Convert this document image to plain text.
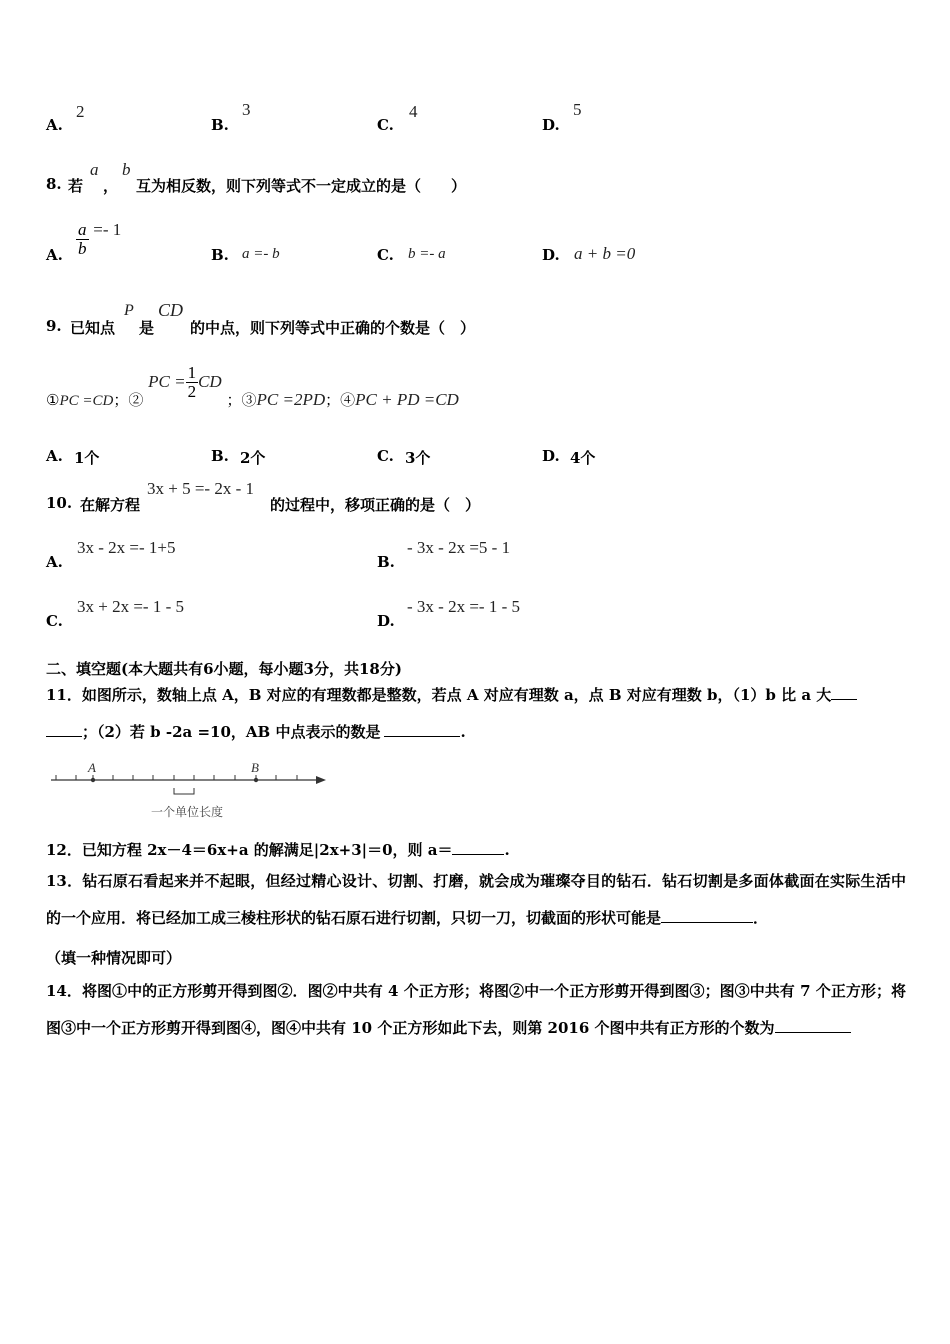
A.
2
B.
3
C.
4
D.
5
8. 若
a
，
b
互为相反数，则下列等式不一定成立的是（　　）
A. $\frac{a}{b} =- 1$
B. a =- b	C. b =- a	D. a + b =0
9. 已知点
P
是
CD
的中点，则下列等式中正确的个数是（　）
①PC =CD；② PC = $\frac{1}{2}$ CD ；③PC =2PD；④PC + PD =CD
A. 1个	B. 2个	C. 3个	D. 4个
10. 在解方程
3x + 5 =- 2x - 1
的过程中，移项正确的是（　）
A.
3x - 2x =- 1+5
B.
- 3x - 2x =5 - 1
C.
3x + 2x =- 1 - 5
D.
- 3x - 2x =- 1 - 5
二、填空题(本大题共有6小题，每小题3分，共18分)
11．如图所示，数轴上点 A，B 对应的有理数都是整数，若点 A 对应有理数 a，点 B 对应有理数 b，（1）b 比 a 大
；（2）若 b -2a =10，AB 中点表示的数是	.
A	B
一个单位长度
12．已知方程 2x－4＝6x+a 的解满足|2x+3|＝0，则 a＝	.
13．钻石原石看起来并不起眼，但经过精心设计、切割、打磨，就会成为璀璨夺目的钻石．钻石切割是多面体截面在实际生活中的一个应用．将已经加工成三棱柱形状的钻石原石进行切割，只切一刀，切截面的形状可能是	．
（填一种情况即可）
14．将图①中的正方形剪开得到图②．图②中共有 4 个正方形；将图②中一个正方形剪开得到图③；图③中共有 7 个正方形；将图③中一个正方形剪开得到图④，图④中共有 10 个正方形如此下去，则第 2016 个图中共有正方形的个数为
